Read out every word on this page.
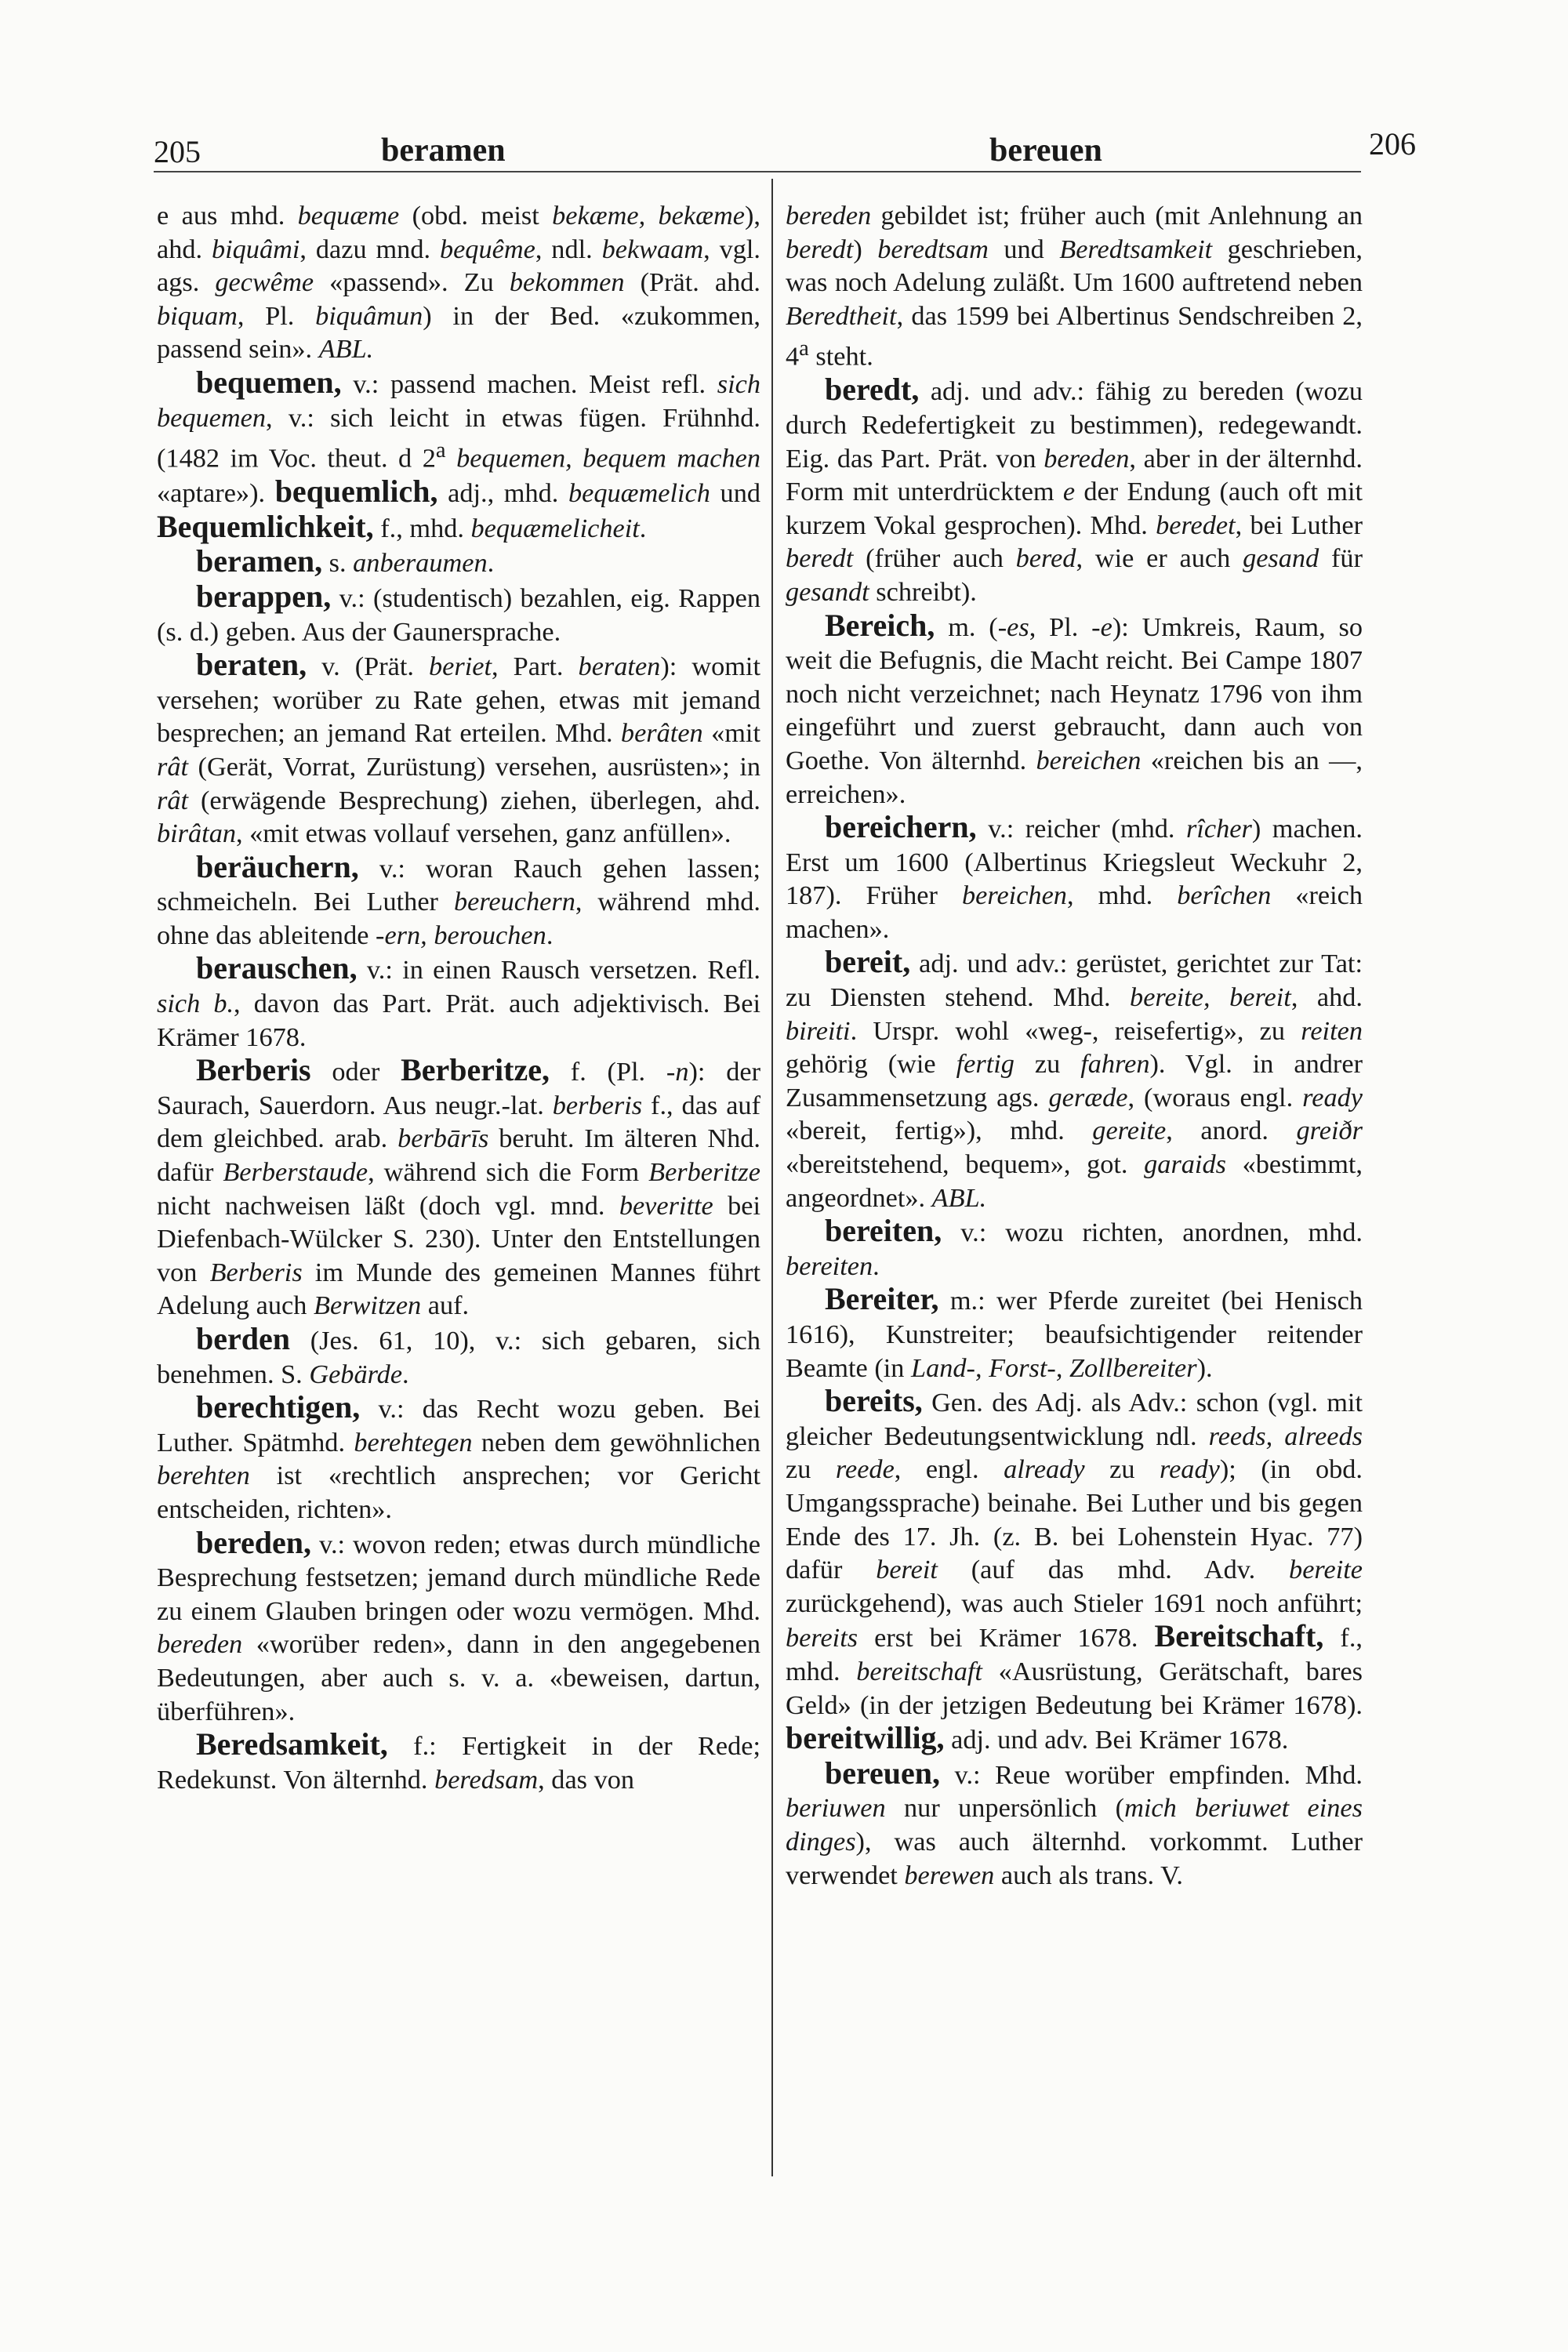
205	beramen	bereuen	206

e aus mhd. bequæme (obd. meist bekæme, bekæme), ahd. biquâmi, dazu mnd. bequême, ndl. bekwaam, vgl. ags. gecwême «passend». Zu bekommen (Prät. ahd. biquam, Pl. biquâmun) in der Bed. «zukommen, passend sein». ABL.

bequemen, v.: passend machen. Meist refl. sich bequemen, v.: sich leicht in etwas fügen. Frühnhd. (1482 im Voc. theut. d 2$^a$ bequemen, bequem machen «aptare»). bequemlich, adj., mhd. bequæmelich und Bequemlichkeit, f., mhd. bequæmelicheit.

beramen, s. anberaumen.

berappen, v.: (studentisch) bezahlen, eig. Rappen (s. d.) geben. Aus der Gaunersprache.

beraten, v. (Prät. beriet, Part. beraten): womit versehen; worüber zu Rate gehen, etwas mit jemand besprechen; an jemand Rat erteilen. Mhd. berâten «mit rât (Gerät, Vorrat, Zurüstung) versehen, ausrüsten»; in rât (erwägende Besprechung) ziehen, überlegen, ahd. birâtan, «mit etwas vollauf versehen, ganz anfüllen».

beräuchern, v.: woran Rauch gehen lassen; schmeicheln. Bei Luther bereuchern, während mhd. ohne das ableitende -ern, berouchen.

berauschen, v.: in einen Rausch versetzen. Refl. sich b., davon das Part. Prät. auch adjektivisch. Bei Krämer 1678.

Berberis oder Berberitze, f. (Pl. -n): der Saurach, Sauerdorn. Aus neugr.-lat. berberis f., das auf dem gleichbed. arab. berbārīs beruht. Im älteren Nhd. dafür Berberstaude, während sich die Form Berberitze nicht nachweisen läßt (doch vgl. mnd. beveritte bei Diefenbach-Wülcker S. 230). Unter den Entstellungen von Berberis im Munde des gemeinen Mannes führt Adelung auch Berwitzen auf.

berden (Jes. 61, 10), v.: sich gebaren, sich benehmen. S. Gebärde.

berechtigen, v.: das Recht wozu geben. Bei Luther. Spätmhd. berehtegen neben dem gewöhnlichen berehten ist «rechtlich ansprechen; vor Gericht entscheiden, richten».

bereden, v.: wovon reden; etwas durch mündliche Besprechung festsetzen; jemand durch mündliche Rede zu einem Glauben bringen oder wozu vermögen. Mhd. bereden «worüber reden», dann in den angegebenen Bedeutungen, aber auch s. v. a. «beweisen, dartun, überführen».

Beredsamkeit, f.: Fertigkeit in der Rede; Redekunst. Von älternhd. beredsam, das von

bereden gebildet ist; früher auch (mit Anlehnung an beredt) beredtsam und Beredtsamkeit geschrieben, was noch Adelung zuläßt. Um 1600 auftretend neben Beredtheit, das 1599 bei Albertinus Sendschreiben 2, 4$^a$ steht.

beredt, adj. und adv.: fähig zu bereden (wozu durch Redefertigkeit zu bestimmen), redegewandt. Eig. das Part. Prät. von bereden, aber in der älternhd. Form mit unterdrücktem e der Endung (auch oft mit kurzem Vokal gesprochen). Mhd. beredet, bei Luther beredt (früher auch bered, wie er auch gesand für gesandt schreibt).

Bereich, m. (-es, Pl. -e): Umkreis, Raum, so weit die Befugnis, die Macht reicht. Bei Campe 1807 noch nicht verzeichnet; nach Heynatz 1796 von ihm eingeführt und zuerst gebraucht, dann auch von Goethe. Von älternhd. bereichen «reichen bis an —, erreichen».

bereichern, v.: reicher (mhd. rîcher) machen. Erst um 1600 (Albertinus Kriegsleut Weckuhr 2, 187). Früher bereichen, mhd. berîchen «reich machen».

bereit, adj. und adv.: gerüstet, gerichtet zur Tat: zu Diensten stehend. Mhd. bereite, bereit, ahd. bireiti. Urspr. wohl «weg-, reisefertig», zu reiten gehörig (wie fertig zu fahren). Vgl. in andrer Zusammensetzung ags. geræde, (woraus engl. ready «bereit, fertig»), mhd. gereite, anord. greiðr «bereitstehend, bequem», got. garaids «bestimmt, angeordnet». ABL.

bereiten, v.: wozu richten, anordnen, mhd. bereiten.

Bereiter, m.: wer Pferde zureitet (bei Henisch 1616), Kunstreiter; beaufsichtigender reitender Beamte (in Land-, Forst-, Zollbereiter).

bereits, Gen. des Adj. als Adv.: schon (vgl. mit gleicher Bedeutungsentwicklung ndl. reeds, alreeds zu reede, engl. already zu ready); (in obd. Umgangssprache) beinahe. Bei Luther und bis gegen Ende des 17. Jh. (z. B. bei Lohenstein Hyac. 77) dafür bereit (auf das mhd. Adv. bereite zurückgehend), was auch Stieler 1691 noch anführt; bereits erst bei Krämer 1678. Bereitschaft, f., mhd. bereitschaft «Ausrüstung, Gerätschaft, bares Geld» (in der jetzigen Bedeutung bei Krämer 1678). bereitwillig, adj. und adv. Bei Krämer 1678.

bereuen, v.: Reue worüber empfinden. Mhd. beriuwen nur unpersönlich (mich beriuwet eines dinges), was auch älternhd. vorkommt. Luther verwendet berewen auch als trans. V.
